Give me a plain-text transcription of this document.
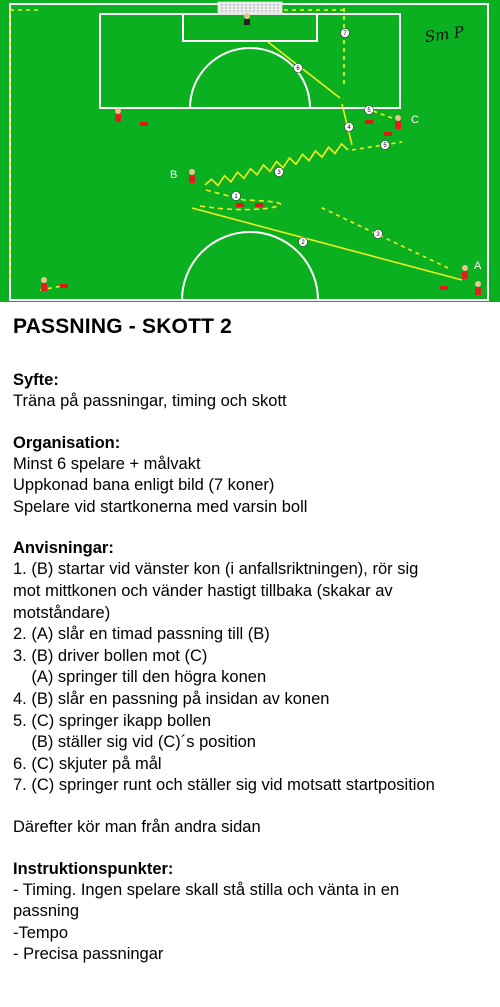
1
2
3
3
4
5
5
6
7
C
B
A
Sm P
PASSNING - SKOTT 2
Syfte:
Träna på passningar, timing och skott
Organisation:
Minst 6 spelare + målvakt
Uppkonad bana enligt bild (7 koner)
Spelare vid startkonerna med varsin boll
Anvisningar:
1. (B) startar vid vänster kon (i anfallsriktningen), rör sig
mot mittkonen och vänder hastigt tillbaka (skakar av
motståndare)
2. (A) slår en timad passning till (B)
3. (B) driver bollen mot (C)
(A) springer till den högra konen
4. (B) slår en passning på insidan av konen
5. (C) springer ikapp bollen
(B) ställer sig vid (C)´s position
6. (C) skjuter på mål
7. (C) springer runt och ställer sig vid motsatt startposition
Därefter kör man från andra sidan
Instruktionspunkter:
- Timing. Ingen spelare skall stå stilla och vänta in en
passning
-Tempo
- Precisa passningar
